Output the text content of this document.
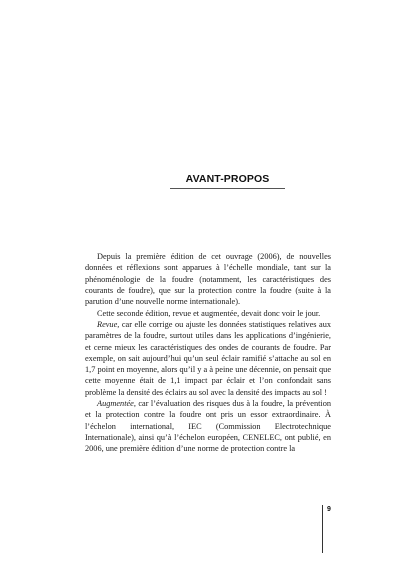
AVANT-PROPOS

Depuis la première édition de cet ouvrage (2006), de nouvelles données et réflexions sont apparues à l’échelle mondiale, tant sur la phénoménologie de la foudre (notamment, les caractéristiques des courants de foudre), que sur la protection contre la foudre (suite à la parution d’une nouvelle norme internationale).

Cette seconde édition, revue et augmentée, devait donc voir le jour.

Revue, car elle corrige ou ajuste les données statistiques relatives aux paramètres de la foudre, surtout utiles dans les applications d’ingénierie, et cerne mieux les caractéristiques des ondes de courants de foudre. Par exemple, on sait aujourd’hui qu’un seul éclair ramifié s’attache au sol en 1,7 point en moyenne, alors qu’il y a à peine une décennie, on pensait que cette moyenne était de 1,1 impact par éclair et l’on confondait sans problème la densité des éclairs au sol avec la densité des impacts au sol !

Augmentée, car l’évaluation des risques dus à la foudre, la prévention et la protection contre la foudre ont pris un essor extraordinaire. À l’échelon international, IEC (Commission Electrotechnique Internationale), ainsi qu’à l’échelon européen, CENELEC, ont publié, en 2006, une première édition d’une norme de protection contre la

9
